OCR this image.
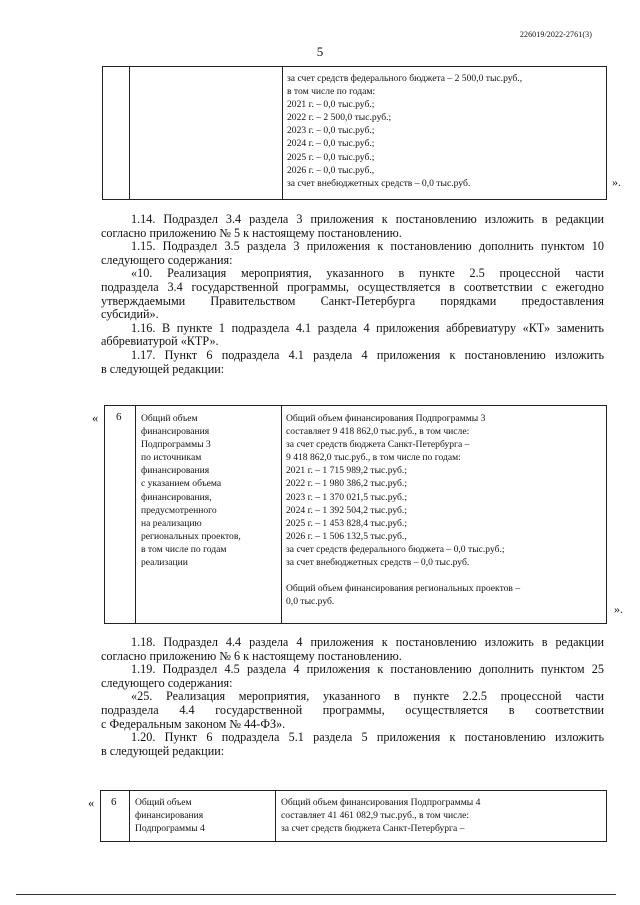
226019/2022-2761(3)
5
за счет средств федерального бюджета – 2 500,0 тыс.руб.,
в том числе по годам:
2021 г. – 0,0 тыс.руб.;
2022 г. – 2 500,0 тыс.руб.;
2023 г. – 0,0 тыс.руб.;
2024 г. – 0,0 тыс.руб.;
2025 г. – 0,0 тыс.руб.;
2026 г. – 0,0 тыс.руб.,
за счет внебюджетных средств – 0,0 тыс.руб.	».
1.14. Подраздел 3.4 раздела 3 приложения к постановлению изложить в редакции
согласно приложению № 5 к настоящему постановлению.
1.15. Подраздел 3.5 раздела 3 приложения к постановлению дополнить пунктом 10
следующего содержания:
«10. Реализация мероприятия, указанного в пункте 2.5 процессной части
подраздела 3.4 государственной программы, осуществляется в соответствии с ежегодно
утверждаемыми Правительством Санкт-Петербурга порядками предоставления
субсидий».
1.16. В пункте 1 подраздела 4.1 раздела 4 приложения аббревиатуру «КТ» заменить
аббревиатурой «КТР».
1.17. Пункт 6 подраздела 4.1 раздела 4 приложения к постановлению изложить
в следующей редакции:
« 6 Общий объем
финансирования
Подпрограммы 3
по источникам
финансирования
с указанием объема
финансирования,
предусмотренного
на реализацию
региональных проектов,
в том числе по годам
реализации
Общий объем финансирования Подпрограммы 3
составляет 9 418 862,0 тыс.руб., в том числе:
за счет средств бюджета Санкт-Петербурга –
9 418 862,0 тыс.руб., в том числе по годам:
2021 г. – 1 715 989,2 тыс.руб.;
2022 г. – 1 980 386,2 тыс.руб.;
2023 г. – 1 370 021,5 тыс.руб.;
2024 г. – 1 392 504,2 тыс.руб.;
2025 г. – 1 453 828,4 тыс.руб.;
2026 г. – 1 506 132,5 тыс.руб.,
за счет средств федерального бюджета – 0,0 тыс.руб.;
за счет внебюджетных средств – 0,0 тыс.руб.
Общий объем финансирования региональных проектов –
0,0 тыс.руб.
».
1.18. Подраздел 4.4 раздела 4 приложения к постановлению изложить в редакции
согласно приложению № 6 к настоящему постановлению.
1.19. Подраздел 4.5 раздела 4 приложения к постановлению дополнить пунктом 25
следующего содержания:
«25. Реализация мероприятия, указанного в пункте 2.2.5 процессной части
подраздела 4.4 государственной программы, осуществляется в соответствии
с Федеральным законом № 44-ФЗ».
1.20. Пункт 6 подраздела 5.1 раздела 5 приложения к постановлению изложить
в следующей редакции:
« 6 Общий объем
финансирования
Подпрограммы 4
Общий объем финансирования Подпрограммы 4
составляет 41 461 082,9 тыс.руб., в том числе:
за счет средств бюджета Санкт-Петербурга –
